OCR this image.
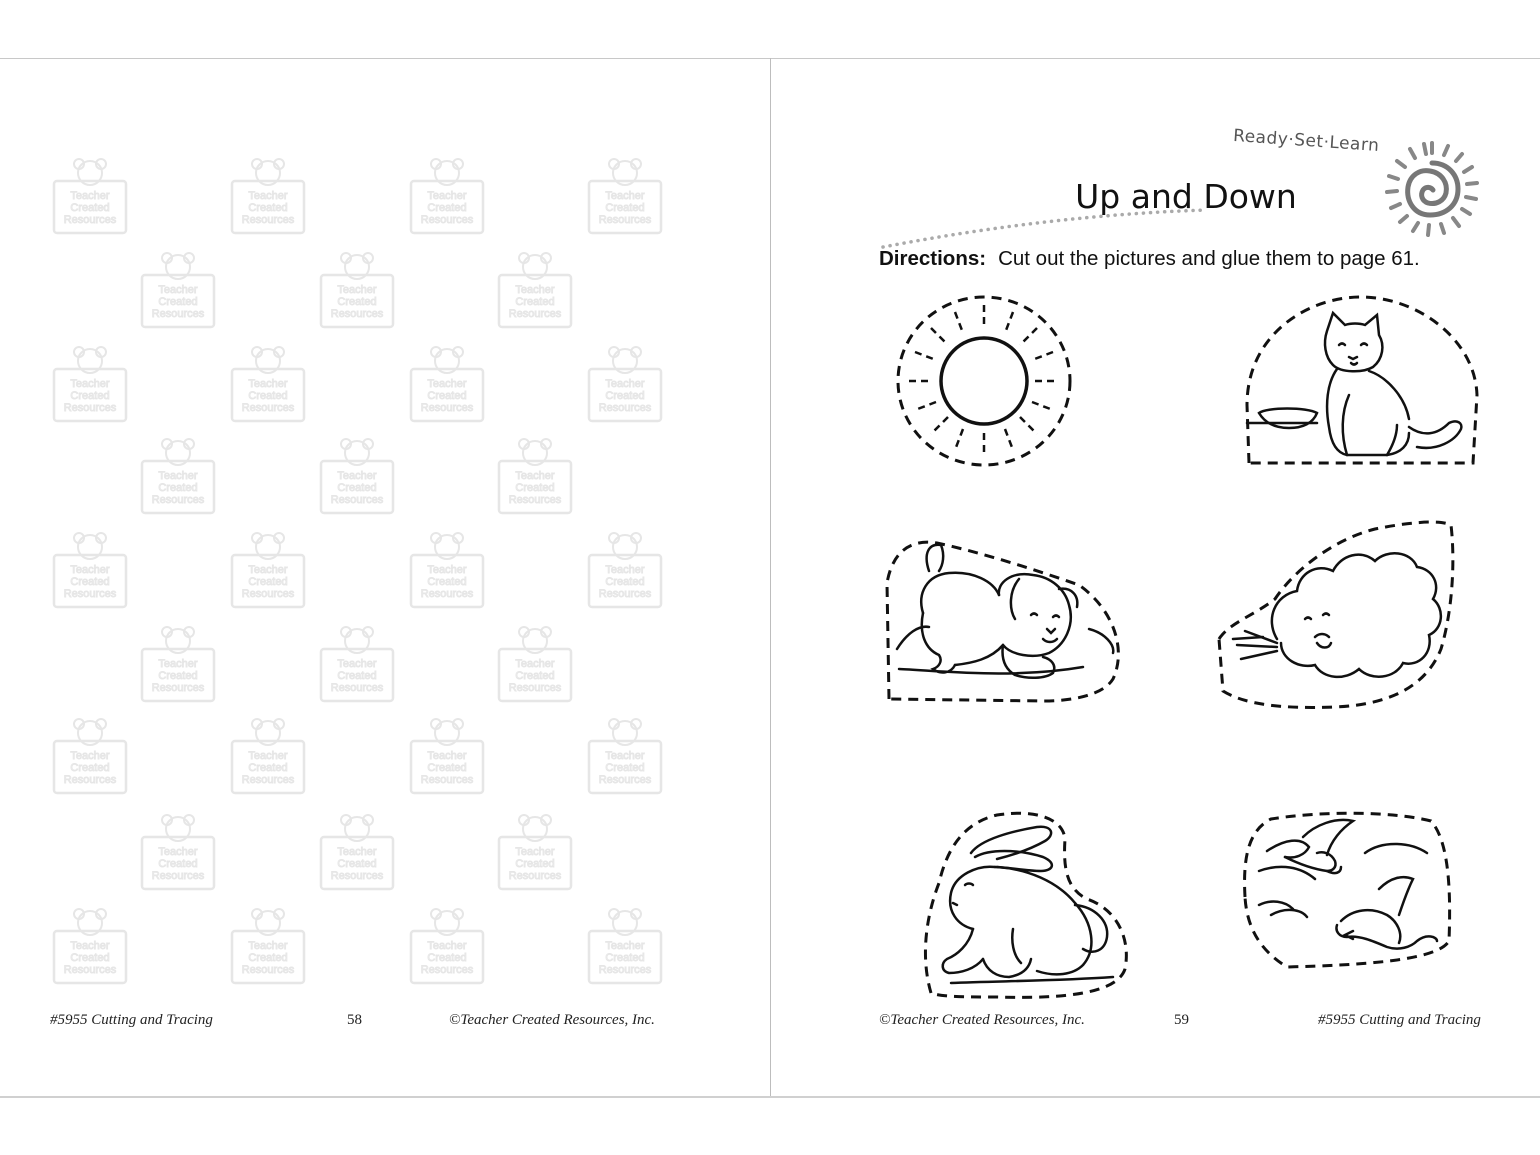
Teacher
Created
Resources
Teacher
Created
Resources
Teacher
Created
Resources
Teacher
Created
Resources
Teacher
Created
Resources
Teacher
Created
Resources
Teacher
Created
Resources
Teacher
Created
Resources
Teacher
Created
Resources
Teacher
Created
Resources
Teacher
Created
Resources
Teacher
Created
Resources
Teacher
Created
Resources
Teacher
Created
Resources
Teacher
Created
Resources
Teacher
Created
Resources
Teacher
Created
Resources
Teacher
Created
Resources
Teacher
Created
Resources
Teacher
Created
Resources
Teacher
Created
Resources
Teacher
Created
Resources
Teacher
Created
Resources
Teacher
Created
Resources
Teacher
Created
Resources
Teacher
Created
Resources
Teacher
Created
Resources
Teacher
Created
Resources
Teacher
Created
Resources
Teacher
Created
Resources
Teacher
Created
Resources
Teacher
Created
Resources
#5955 Cutting and Tracing	58	©Teacher Created Resources, Inc.
Ready·Set·Learn
Up and Down
Directions: Cut out the pictures and glue them to page 61.
©Teacher Created Resources, Inc.	59	#5955 Cutting and Tracing
